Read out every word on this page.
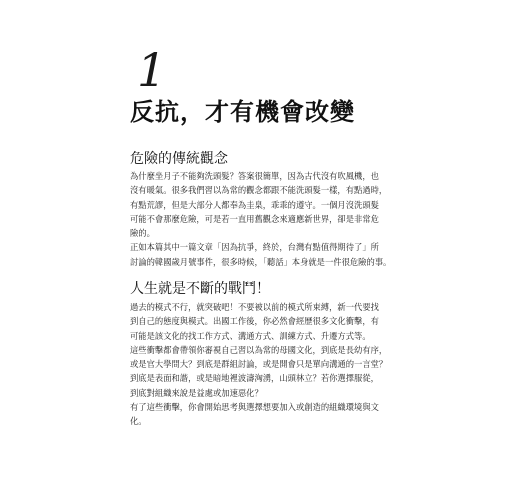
1
反抗，才有機會改變
危險的傳統觀念
為什麼坐月子不能夠洗頭髮？答案很簡單，因為古代沒有吹風機，也
沒有暖氣。很多我們習以為常的觀念都跟不能洗頭髮一樣，有點過時，
有點荒謬，但是大部分人都奉為圭臬，乖乖的遵守。一個月沒洗頭髮
可能不會那麼危險，可是若一直用舊觀念來適應新世界，卻是非常危
險的。
正如本篇其中一篇文章「因為抗爭，終於，台灣有點值得期待了」所
討論的韓國歲月號事件，很多時候，「聽話」本身就是一件很危險的事。
人生就是不斷的戰鬥！
過去的模式不行，就突破吧！不要被以前的模式所束縛，新一代要找
到自己的態度與模式。出國工作後，你必然會經歷很多文化衝擊，有
可能是該文化的找工作方式、溝通方式、訓練方式、升遷方式等。
這些衝擊都會帶領你審視自己習以為常的母國文化，到底是長幼有序，
或是官大學問大？到底是群組討論，或是開會只是單向溝通的一言堂？
到底是表面和諧，或是暗地裡波濤洶湧，山頭林立？若你選擇服從，
到底對組織來說是益處或加速惡化？
有了這些衝擊，你會開始思考與選擇想要加入或創造的組織環境與文
化。
